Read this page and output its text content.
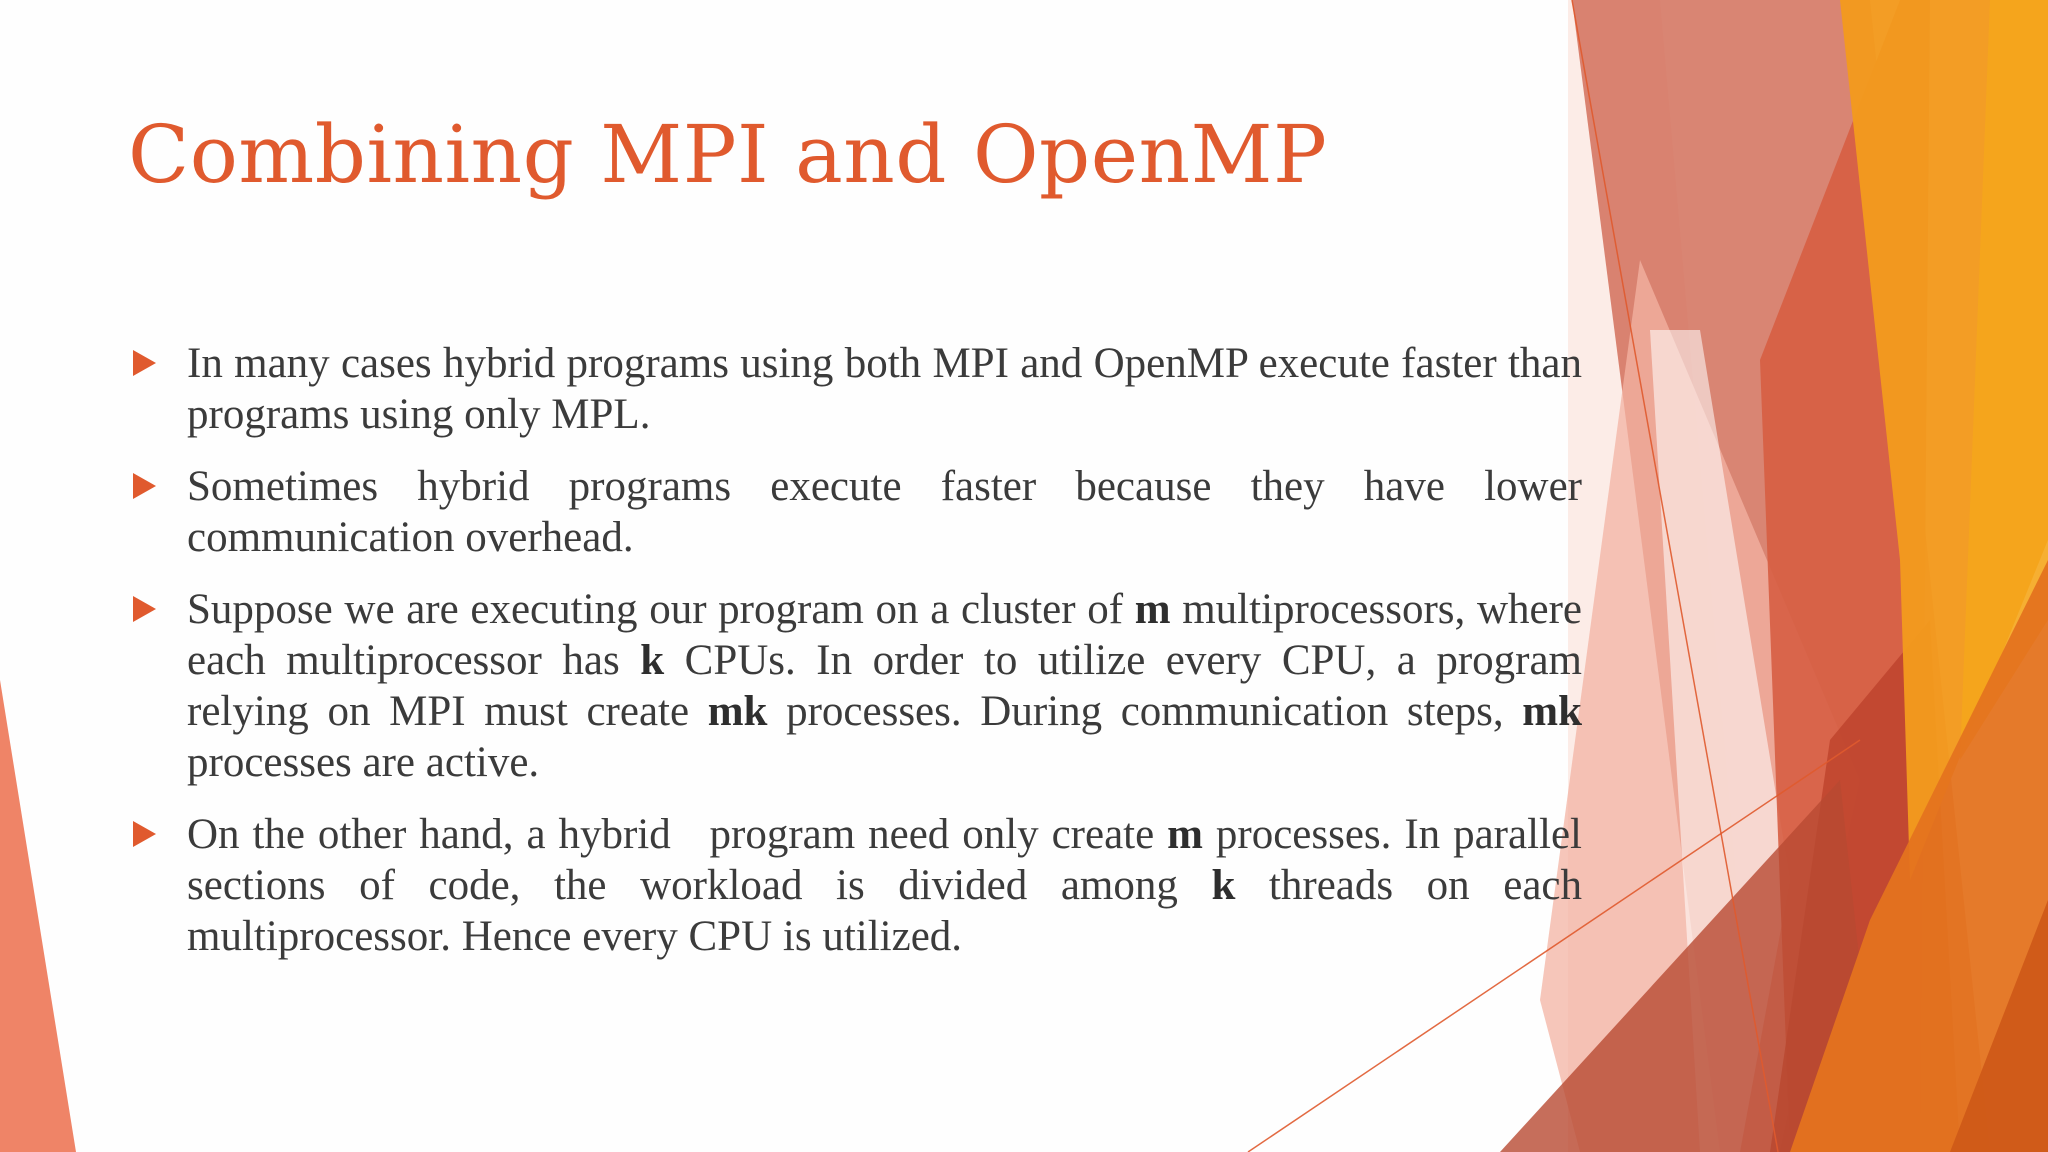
Combining MPI and OpenMP
In many cases hybrid programs using both MPI and OpenMP execute faster than programs using only MPL.
Sometimes hybrid programs execute faster because they have lower communication overhead.
Suppose we are executing our program on a cluster of m multiprocessors, where each multiprocessor has k CPUs. In order to utilize every CPU, a program relying on MPI must create mk processes. During communication steps, mk processes are active.
On the other hand, a hybrid   program need only create m processes. In parallel sections of code, the workload is divided among k threads on each multiprocessor. Hence every CPU is utilized.
